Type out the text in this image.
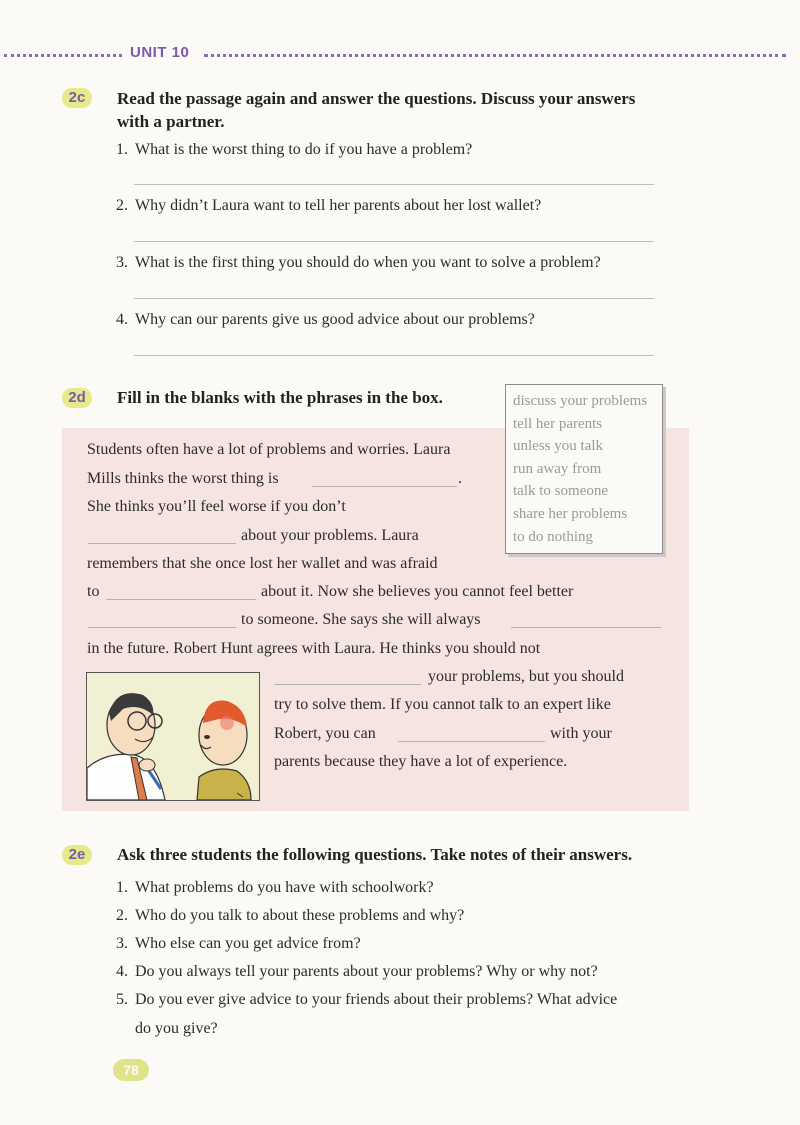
UNIT 10
2c	Read the passage again and answer the questions. Discuss your answers
with a partner.
1. What is the worst thing to do if you have a problem?
2. Why didn’t Laura want to tell her parents about her lost wallet?
3. What is the first thing you should do when you want to solve a problem?
4. Why can our parents give us good advice about our problems?
2d	Fill in the blanks with the phrases in the box.	discuss your problems
tell her parents
unless you talk
run away from
talk to someone
share her problems
to do nothing
Students often have a lot of problems and worries. Laura
Mills thinks the worst thing is	.
She thinks you’ll feel worse if you don’t
about your problems. Laura
remembers that she once lost her wallet and was afraid
to	about it. Now she believes you cannot feel better
to someone. She says she will always
in the future. Robert Hunt agrees with Laura. He thinks you should not
your problems, but you should
try to solve them. If you cannot talk to an expert like
Robert, you can	with your
parents because they have a lot of experience.
2e	Ask three students the following questions. Take notes of their answers.
1. What problems do you have with schoolwork?
2. Who do you talk to about these problems and why?
3. Who else can you get advice from?
4. Do you always tell your parents about your problems? Why or why not?
5. Do you ever give advice to your friends about their problems? What advice
do you give?
78
